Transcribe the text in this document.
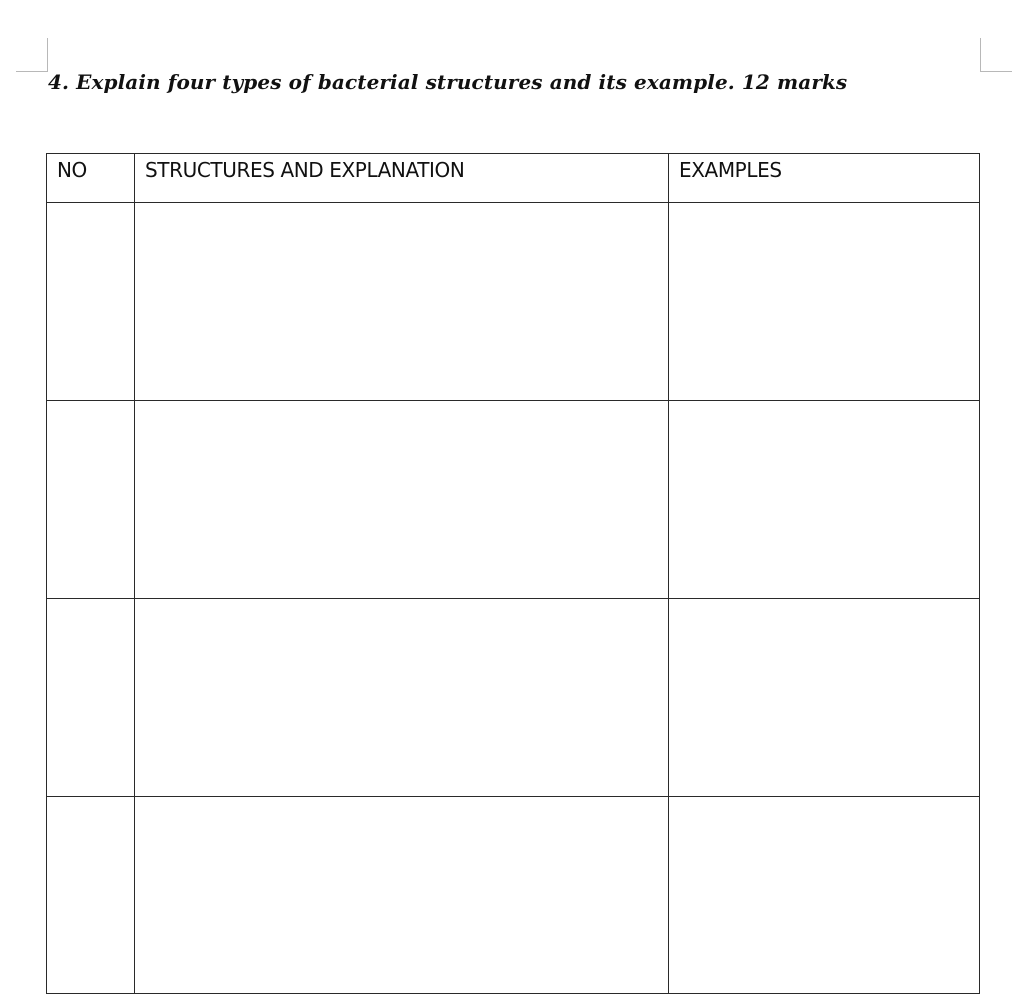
4. Explain four types of bacterial structures and its example. 12 marks
NO	STRUCTURES AND EXPLANATION	EXAMPLES
